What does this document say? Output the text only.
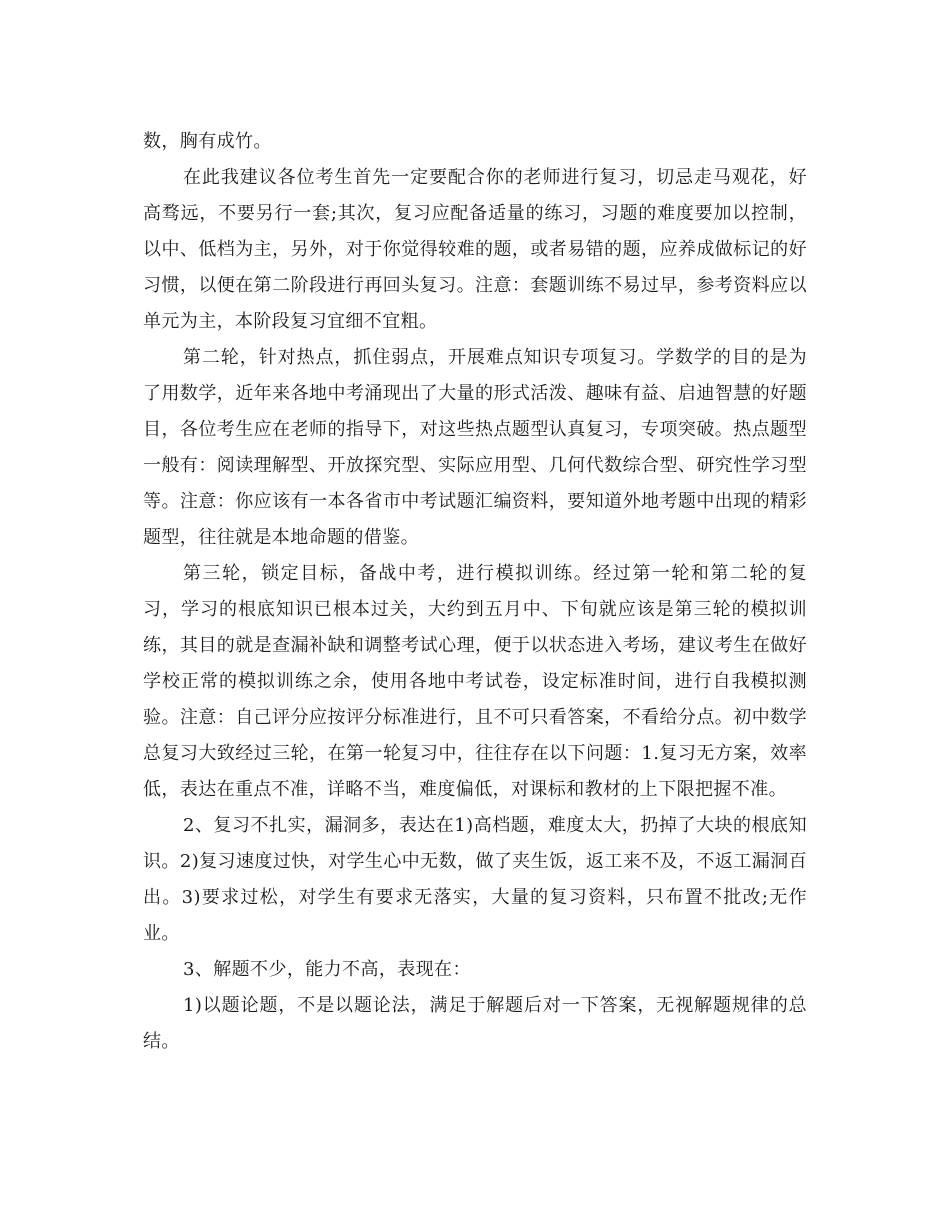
数，胸有成竹。

在此我建议各位考生首先一定要配合你的老师进行复习，切忌走马观花，好高骛远，不要另行一套;其次，复习应配备适量的练习，习题的难度要加以控制，以中、低档为主，另外，对于你觉得较难的题，或者易错的题，应养成做标记的好习惯，以便在第二阶段进行再回头复习。注意：套题训练不易过早，参考资料应以单元为主，本阶段复习宜细不宜粗。

第二轮，针对热点，抓住弱点，开展难点知识专项复习。学数学的目的是为了用数学，近年来各地中考涌现出了大量的形式活泼、趣味有益、启迪智慧的好题目，各位考生应在老师的指导下，对这些热点题型认真复习，专项突破。热点题型一般有：阅读理解型、开放探究型、实际应用型、几何代数综合型、研究性学习型等。注意：你应该有一本各省市中考试题汇编资料，要知道外地考题中出现的精彩题型，往往就是本地命题的借鉴。

第三轮，锁定目标，备战中考，进行模拟训练。经过第一轮和第二轮的复习，学习的根底知识已根本过关，大约到五月中、下旬就应该是第三轮的模拟训练，其目的就是查漏补缺和调整考试心理，便于以状态进入考场，建议考生在做好学校正常的模拟训练之余，使用各地中考试卷，设定标准时间，进行自我模拟测验。注意：自己评分应按评分标准进行，且不可只看答案，不看给分点。初中数学总复习大致经过三轮，在第一轮复习中，往往存在以下问题：1.复习无方案，效率低，表达在重点不准，详略不当，难度偏低，对课标和教材的上下限把握不准。

2、复习不扎实，漏洞多，表达在1)高档题，难度太大，扔掉了大块的根底知识。2)复习速度过快，对学生心中无数，做了夹生饭，返工来不及，不返工漏洞百出。3)要求过松，对学生有要求无落实，大量的复习资料，只布置不批改;无作业。

3、解题不少，能力不高，表现在：

1)以题论题，不是以题论法，满足于解题后对一下答案，无视解题规律的总结。
